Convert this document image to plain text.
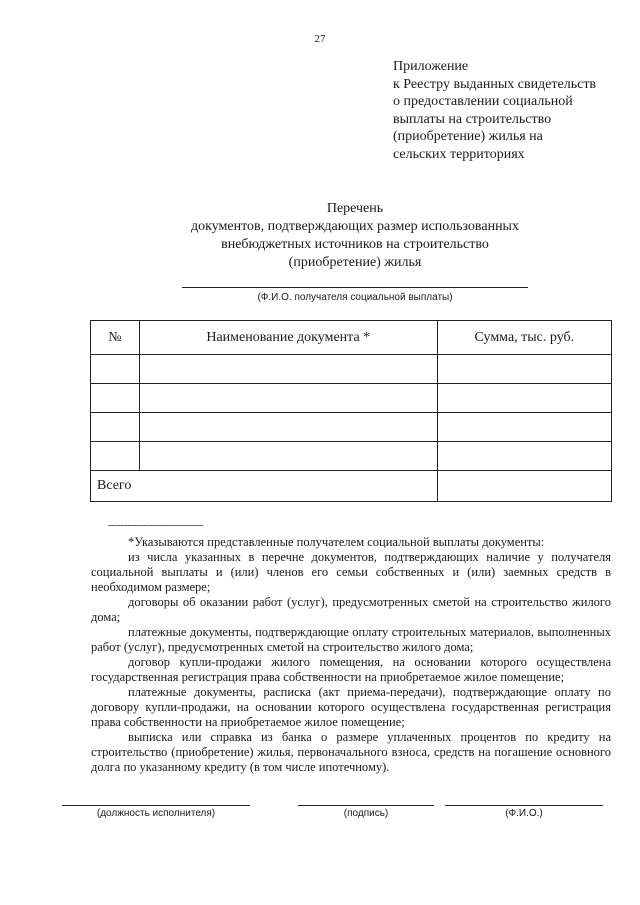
27
Приложение
к Реестру выданных свидетельств
о предоставлении социальной
выплаты на строительство
(приобретение) жилья на
сельских территориях
Перечень
документов, подтверждающих размер использованных
внебюджетных источников на строительство
(приобретение) жилья
(Ф.И.О. получателя социальной выплаты)
№	Наименование документа *	Сумма, тыс. руб.

Всего		
------------------------------

*Указываются представленные получателем социальной выплаты документы:

из числа указанных в перечне документов, подтверждающих наличие у получателя социальной выплаты и (или) членов его семьи собственных и (или) заемных средств в необходимом размере;

договоры об оказании работ (услуг), предусмотренных сметой на строительство жилого дома;

платежные документы, подтверждающие оплату строительных материалов, выполненных работ (услуг), предусмотренных сметой на строительство жилого дома;

договор купли-продажи жилого помещения, на основании которого осуществлена государственная регистрация права собственности на приобретаемое жилое помещение;

платежные документы, расписка (акт приема-передачи), подтверждающие оплату по договору купли-продажи, на основании которого осуществлена государственная регистрация права собственности на приобретаемое жилое помещение;

выписка или справка из банка о размере уплаченных процентов по кредиту на строительство (приобретение) жилья, первоначального взноса, средств на погашение основного долга по указанному кредиту (в том числе ипотечному).

(должность исполнителя)	(подпись)	(Ф.И.О.)
